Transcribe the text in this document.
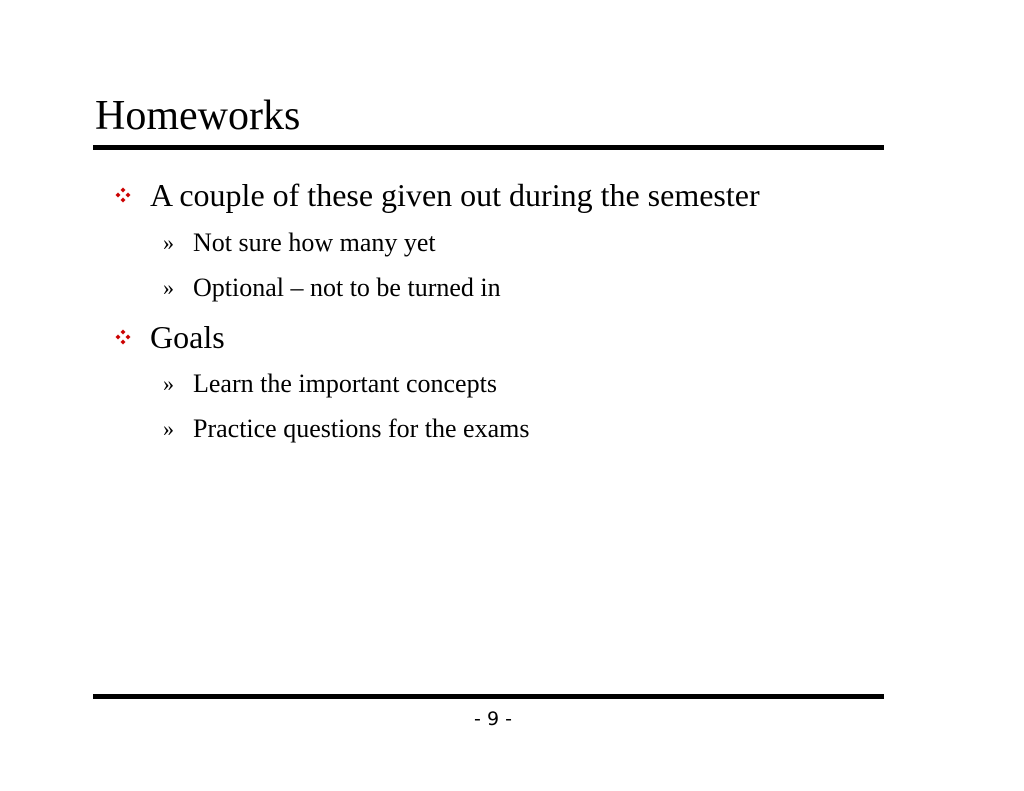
Homeworks
A couple of these given out during the semester
» Not sure how many yet
» Optional – not to be turned in
Goals
» Learn the important concepts
» Practice questions for the exams
- 9 -
